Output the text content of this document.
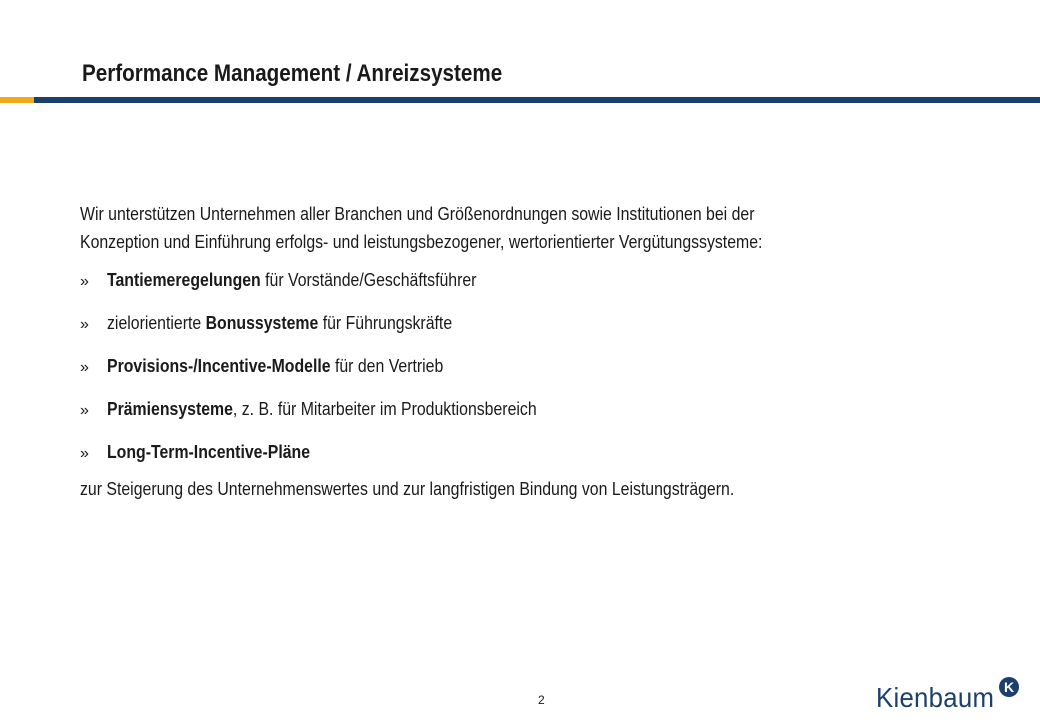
Performance Management / Anreizsysteme
Wir unterstützen Unternehmen aller Branchen und Größenordnungen sowie Institutionen bei der
Konzeption und Einführung erfolgs- und leistungsbezogener, wertorientierter Vergütungssysteme:
»	Tantiemeregelungen für Vorstände/Geschäftsführer
»	zielorientierte Bonussysteme für Führungskräfte
»	Provisions-/Incentive-Modelle für den Vertrieb
»	Prämiensysteme, z. B. für Mitarbeiter im Produktionsbereich
»	Long-Term-Incentive-Pläne
zur Steigerung des Unternehmenswertes und zur langfristigen Bindung von Leistungsträgern.
2	Kienbaum K
